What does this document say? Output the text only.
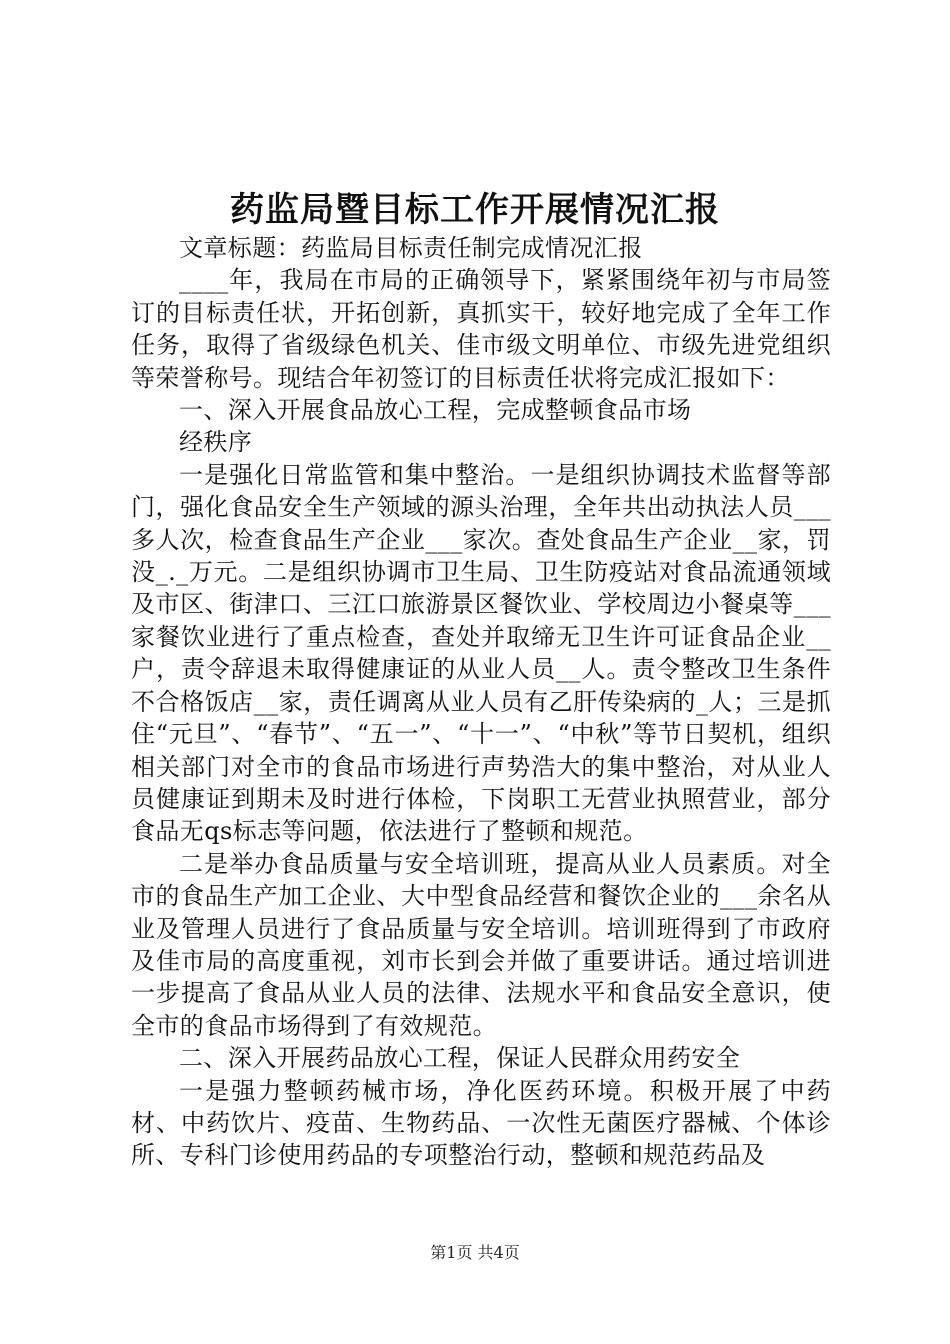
药监局暨目标工作开展情况汇报

文章标题：药监局目标责任制完成情况汇报

____年，我局在市局的正确领导下，紧紧围绕年初与市局签订的目标责任状，开拓创新，真抓实干，较好地完成了全年工作任务，取得了省级绿色机关、佳市级文明单位、市级先进党组织等荣誉称号。现结合年初签订的目标责任状将完成汇报如下：

一、深入开展食品放心工程，完成整顿食品市场

经秩序

一是强化日常监管和集中整治。一是组织协调技术监督等部门，强化食品安全生产领域的源头治理，全年共出动执法人员___多人次，检查食品生产企业___家次。查处食品生产企业__家，罚没_._万元。二是组织协调市卫生局、卫生防疫站对食品流通领域及市区、街津口、三江口旅游景区餐饮业、学校周边小餐桌等___家餐饮业进行了重点检查，查处并取缔无卫生许可证食品企业__户，责令辞退未取得健康证的从业人员__人。责令整改卫生条件不合格饭店__家，责任调离从业人员有乙肝传染病的_人；三是抓住“元旦”、“春节”、“五一”、“十一”、“中秋”等节日契机，组织相关部门对全市的食品市场进行声势浩大的集中整治，对从业人员健康证到期未及时进行体检，下岗职工无营业执照营业，部分食品无qs标志等问题，依法进行了整顿和规范。

二是举办食品质量与安全培训班，提高从业人员素质。对全市的食品生产加工企业、大中型食品经营和餐饮企业的___余名从业及管理人员进行了食品质量与安全培训。培训班得到了市政府及佳市局的高度重视，刘市长到会并做了重要讲话。通过培训进一步提高了食品从业人员的法律、法规水平和食品安全意识，使全市的食品市场得到了有效规范。

二、深入开展药品放心工程，保证人民群众用药安全

一是强力整顿药械市场，净化医药环境。积极开展了中药材、中药饮片、疫苗、生物药品、一次性无菌医疗器械、个体诊所、专科门诊使用药品的专项整治行动，整顿和规范药品及

第1页 共4页
